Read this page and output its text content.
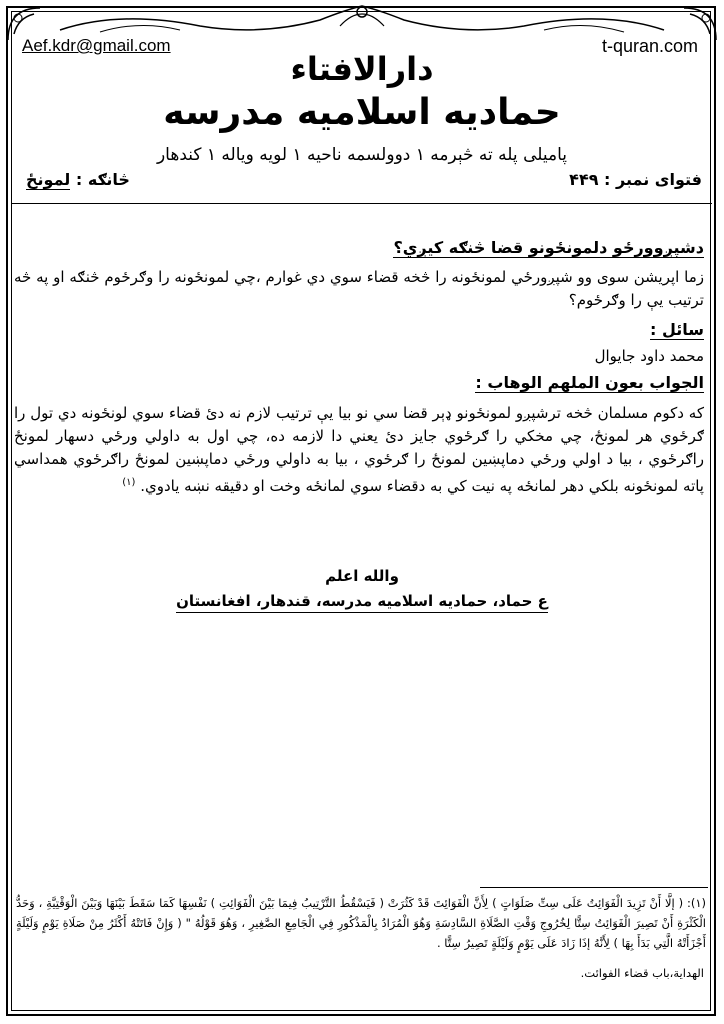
Aef.kdr@gmail.com	t-quran.com
دارالافتاء
حمادیه اسلامیه مدرسه
پامیلی پله ته څېرمه ۱ دوولسمه ناحیه ۱ لویه ویاله ۱ کندهار
فتوای نمبر : ۴۴۹
څانګه : لمونځ
دشپږوورځو دلمونځونو قضا څنګه کیږي؟
زما اپریشن سوی وو شپږورځي لمونځونه را څخه قضاء سوي دي غوارم ،چي لمونځونه را وګرځوم څنګه او په څه ترتیب یې را وګرځوم؟
سائل :
محمد داود جایوال
الجواب بعون الملهم الوهاب :
که دکوم مسلمان څخه ترشپږو لمونځونو ډېر قضا سي نو بیا یې ترتیب لازم نه دئ قضاء سوي لونځونه دي تول را ګرځوي هر لمونځ، چي مخکي را ګرځوي جایز دئ یعني دا لازمه ده، چي اول به داولي ورځي دسهار لمونځ راګرځوي ، بیا د اولي ورځي دماپښین لمونځ را ګرځوي ، بیا به داولي ورځي دماپښین لمونځ راګرځوي همداسي پاته لمونځونه بلکي دهر لمانځه په نیت کي به دقضاء سوي لمانځه وخت او دقیقه نښه یادوي. $^{(۱)}$
والله اعلم
ع حماد، حمادیه اسلامیه مدرسه، قندهار، افغانستان
(۱): ( إلَّا أَنْ تَزِيدَ الْفَوَائِتُ عَلَى سِتِّ صَلَوَاتٍ ) لِأَنَّ الْفَوَائِتَ قَدْ كَثُرَتْ ( فَيَسْقُطُ التَّرْتِيبُ فِيمَا بَيْنَ الْفَوَائِتِ ) نَفْسِهَا كَمَا سَقَطَ بَيْنَهَا وَبَيْنَ الْوَقْتِيَّةِ ، وَحَدُّ الْكَثْرَةِ أَنْ تَصِيرَ الْفَوَائِتُ سِتًّا لِخُرُوجِ وَقْتِ الصَّلَاةِ السَّادِسَةِ وَهُوَ الْمُرَادُ بِالْمَذْكُورِ فِي الْجَامِعِ الصَّغِيرِ ، وَهُوَ قَوْلُهُ " ( وَإِنْ فَاتَتْهُ أَكْثَرُ مِنْ صَلَاةِ يَوْمٍ وَلَيْلَةٍ أَجْزَأَتْهُ الَّتِي بَدَأَ بِهَا ) لِأَنَّهُ إذَا زَادَ عَلَى يَوْمٍ وَلَيْلَةٍ تَصِيرُ سِتًّا .
الهداية،باب قضاء الفوائت.
